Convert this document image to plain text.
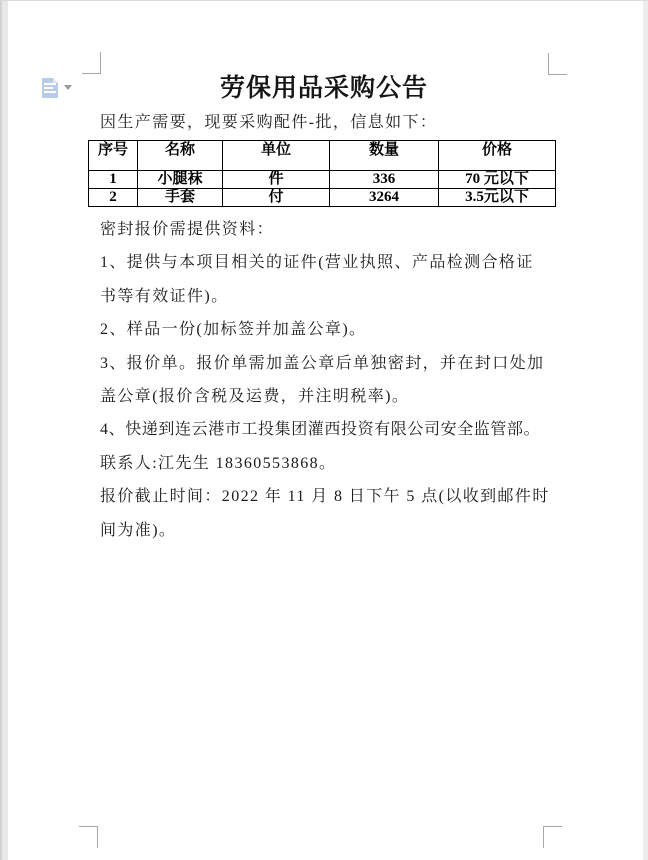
劳保用品采购公告
因生产需要，现要采购配件-批，信息如下：
序号	名称	单位	数量	价格
1	小腿袜	件	336	70 元以下
2	手套	付	3264	3.5元以下
密封报价需提供资料：
1、提供与本项目相关的证件(营业执照、产品检测合格证
书等有效证件)。
2、样品一份(加标签并加盖公章)。
3、报价单。报价单需加盖公章后单独密封，并在封口处加
盖公章(报价含税及运费，并注明税率)。
4、快递到连云港市工投集团灌西投资有限公司安全监管部。
联系人:江先生 18360553868。
报价截止时间：2022 年 11 月 8 日下午 5 点(以收到邮件时
间为准)。
